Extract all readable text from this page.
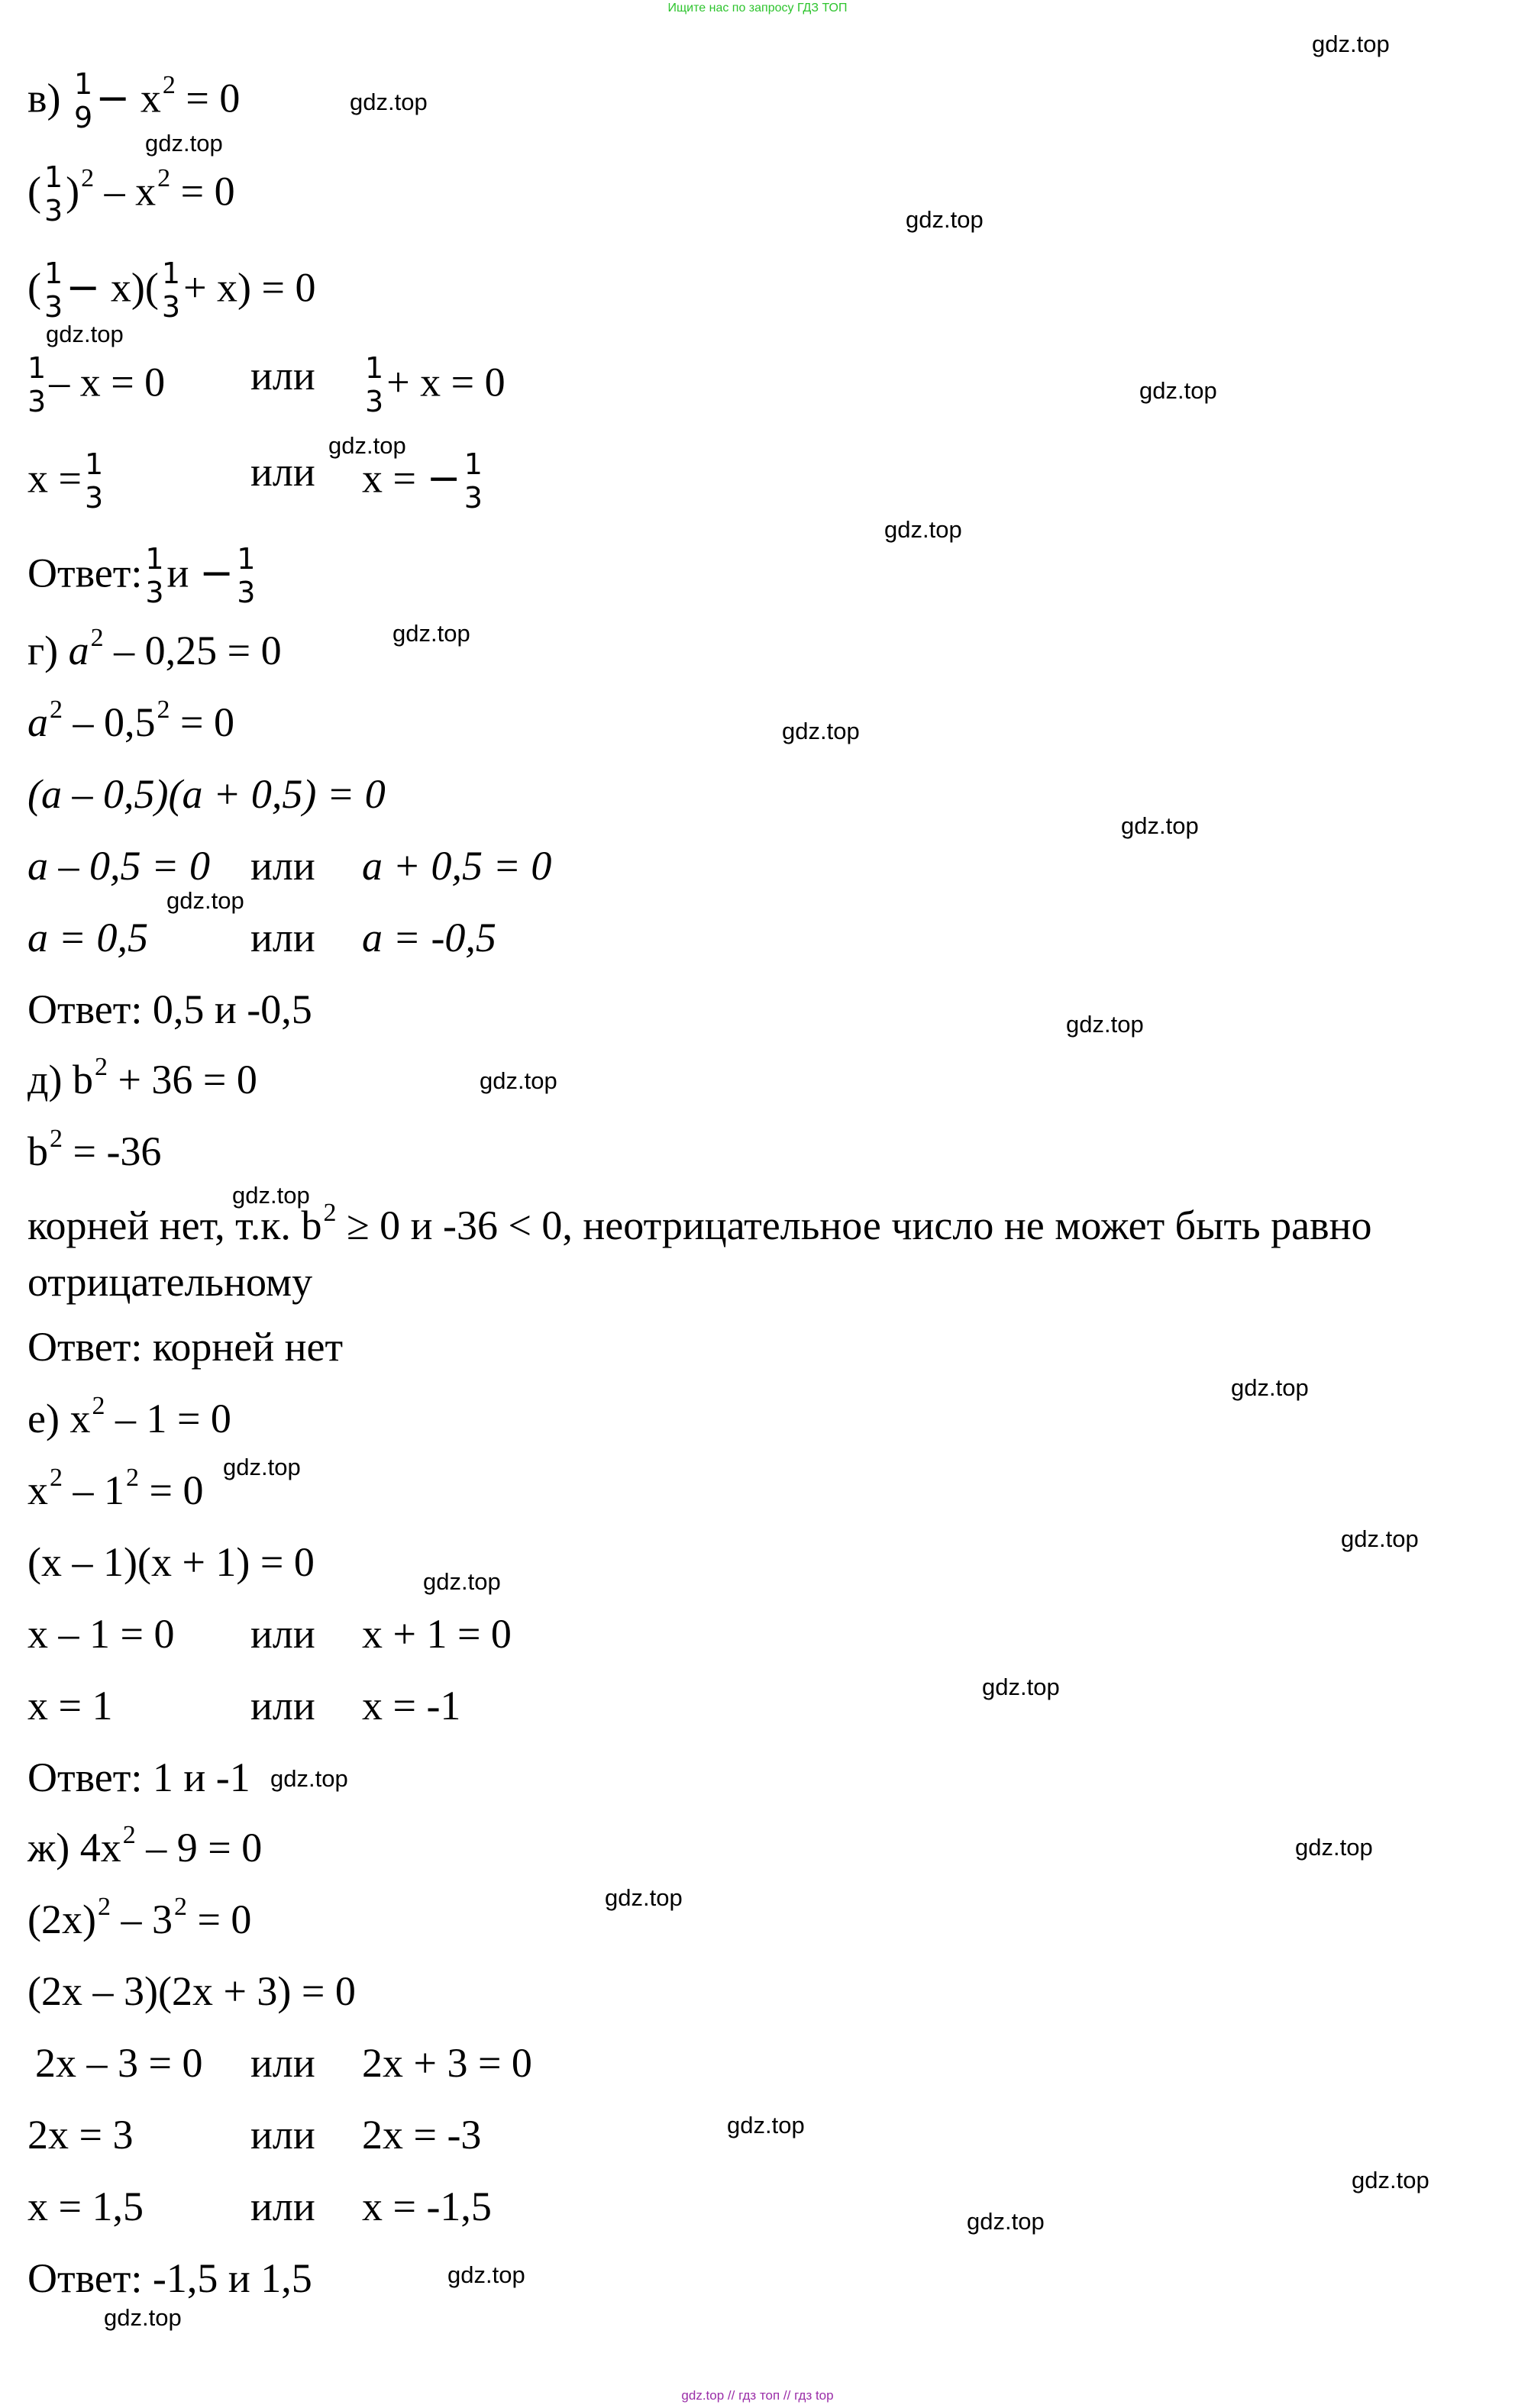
Ищите нас по запросу ГДЗ ТОП
в) 1
$9 - x^2 = 0$
( 1
3 )$^2 - x^2 = 0$
( 1
3 − x)( 1
3 + x) = 0
1
3 – x = 0 или 1
3 + x = 0
x = 1
3
или x = − 1
3
Ответ: 1
3 и − 1
3
г) $a^2 - 0,25 = 0$
$a^2 - 0,5^2 = 0$
(a – 0,5)(a + 0,5) = 0
a – 0,5 = 0 или a + 0,5 = 0
a = 0,5 или a = -0,5
Ответ: 0,5 и -0,5
д) $b^2 + 36 = 0$
$b^2 = -36$
корней нет, т.к. $b^2 \ge 0$ и -36 < 0, неотрицательное число не может быть равно отрицательному
Ответ: корней нет
е) $x^2 - 1 = 0$
$x^2 - 1^2 = 0$
(x – 1)(x + 1) = 0
x – 1 = 0 или x + 1 = 0
x = 1	или x = -1
Ответ: 1 и -1
ж) $4x^2 - 9 = 0$
$(2x)^2 - 3^2 = 0$
(2x – 3)(2x + 3) = 0
2x – 3 = 0 или 2x + 3 = 0
2x = 3	или 2x = -3
x = 1,5	или x = -1,5
Ответ: -1,5 и 1,5
gdz.top
gdz.top
gdz.top
gdz.top
gdz.top
gdz.top
gdz.top
gdz.top
gdz.top
gdz.top
gdz.top
gdz.top
gdz.top
gdz.top
gdz.top
gdz.top
gdz.top
gdz.top
gdz.top
gdz.top
gdz.top
gdz.top
gdz.top
gdz.top
gdz.top
gdz.top
gdz.top
gdz.top
gdz.top // гдз топ // гдз top
